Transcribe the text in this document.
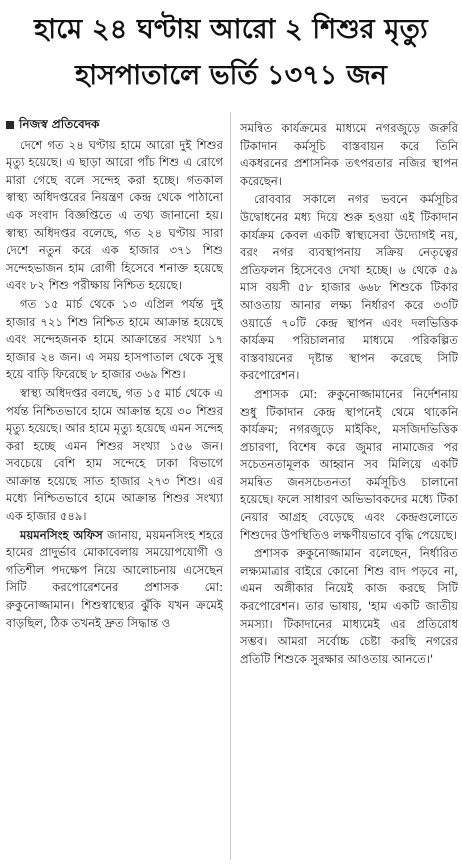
হামে ২৪ ঘণ্টায় আরো ২ শিশুর মৃত্যু
হাসপাতালে ভর্তি ১৩৭১ জন
নিজস্ব প্রতিবেদক

দেশে গত ২৪ ঘণ্টায় হামে আরো দুই শিশুর মৃত্যু হয়েছে। এ ছাড়া আরো পাঁচ শিশু এ রোগে মারা গেছে বলে সন্দেহ করা হচ্ছে। গতকাল স্বাস্থ্য অধিদপ্তরের নিয়ন্ত্রণ কেন্দ্র থেকে পাঠানো এক সংবাদ বিজ্ঞপ্তিতে এ তথ্য জানানো হয়। স্বাস্থ্য অধিদপ্তর বলেছে, গত ২৪ ঘণ্টায় সারা দেশে নতুন করে এক হাজার ৩৭১ শিশু সন্দেহভাজন হাম রোগী হিসেবে শনাক্ত হয়েছে এবং ৮২ শিশু পরীক্ষায় নিশ্চিত হয়েছে।

গত ১৫ মার্চ থেকে ১৩ এপ্রিল পর্যন্ত দুই হাজার ৭২১ শিশু নিশ্চিত হামে আক্রান্ত হয়েছে এবং সন্দেহজনক হামে আক্রান্তের সংখ্যা ১৭ হাজার ২৪ জন। এ সময় হাসপাতাল থেকে সুস্থ হয়ে বাড়ি ফিরেছে ৮ হাজার ৩৬৯ শিশু।

স্বাস্থ্য অধিদপ্তর বলছে, গত ১৫ মার্চ থেকে এ পর্যন্ত নিশ্চিতভাবে হামে আক্রান্ত হয়ে ৩০ শিশুর মৃত্যু হয়েছে। আর হামে মৃত্যু হয়েছে এমন সন্দেহ করা হচ্ছে এমন শিশুর সংখ্যা ১৫৬ জন। সবচেয়ে বেশি হাম সন্দেহে ঢাকা বিভাগে আক্রান্ত হয়েছে সাত হাজার ২৭৩ শিশু। এর মধ্যে নিশ্চিতভাবে হামে আক্রান্ত শিশুর সংখ্যা এক হাজার ৫৪৯।

ময়মনসিংহ অফিস জানায়, ময়মনসিংহ শহরে হামের প্রাদুর্ভাব মোকাবেলায় সময়োপযোগী ও গতিশীল পদক্ষেপ নিয়ে আলোচনায় এসেছেন সিটি করপোরেশনের প্রশাসক মো: রুকুনোজ্জামান। শিশুস্বাস্থ্যের ঝুঁকি যখন ক্রমেই বাড়ছিল, ঠিক তখনই দ্রুত সিদ্ধান্ত ও

সমন্বিত কার্যক্রমের মাধ্যমে নগরজুড়ে জরুরি টিকাদান কর্মসূচি বাস্তবায়ন করে তিনি একধরনের প্রশাসনিক তৎপরতার নজির স্থাপন করেছেন।

রোববার সকালে নগর ভবনে কর্মসূচির উদ্বোধনের মধ্য দিয়ে শুরু হওয়া এই টিকাদান কার্যক্রম কেবল একটি স্বাস্থ্যসেবা উদ্যোগই নয়, বরং নগর ব্যবস্থাপনায় সক্রিয় নেতৃত্বের প্রতিফলন হিসেবেও দেখা হচ্ছে। ৬ থেকে ৫৯ মাস বয়সী ৫৮ হাজার ৬৬৮ শিশুকে টিকার আওতায় আনার লক্ষ্য নির্ধারণ করে ৩৩টি ওয়ার্ডে ৭০টি কেন্দ্র স্থাপন এবং দলভিত্তিক কার্যক্রম পরিচালনার মাধ্যমে পরিকল্পিত বাস্তবায়নের দৃষ্টান্ত স্থাপন করেছে সিটি করপোরেশন।

প্রশাসক মো: রুকুনোজ্জামানের নির্দেশনায় শুধু টিকাদান কেন্দ্র স্থাপনেই থেমে থাকেনি কার্যক্রম; নগরজুড়ে মাইকিং, মসজিদভিত্তিক প্রচারণা, বিশেষ করে জুমার নামাজের পর সচেতনতামূলক আহ্বান সব মিলিয়ে একটি সমন্বিত জনসচেতনতা কর্মসূচিও চালানো হয়েছে। ফলে সাধারণ অভিভাবকদের মধ্যে টিকা নেয়ার আগ্রহ বেড়েছে এবং কেন্দ্রগুলোতে শিশুদের উপস্থিতিও লক্ষণীয়ভাবে বৃদ্ধি পেয়েছে।

প্রশাসক রুকুনোজ্জামান বলেছেন, নির্ধারিত লক্ষ্যমাত্রার বাইরে কোনো শিশু বাদ পড়বে না, এমন অঙ্গীকার নিয়েই কাজ করছে সিটি করপোরেশন। তার ভাষায়, 'হাম একটি জাতীয় সমস্যা। টিকাদানের মাধ্যমেই এর প্রতিরোধ সম্ভব। আমরা সর্বোচ্চ চেষ্টা করছি নগরের প্রতিটি শিশুকে সুরক্ষার আওতায় আনতে।'
